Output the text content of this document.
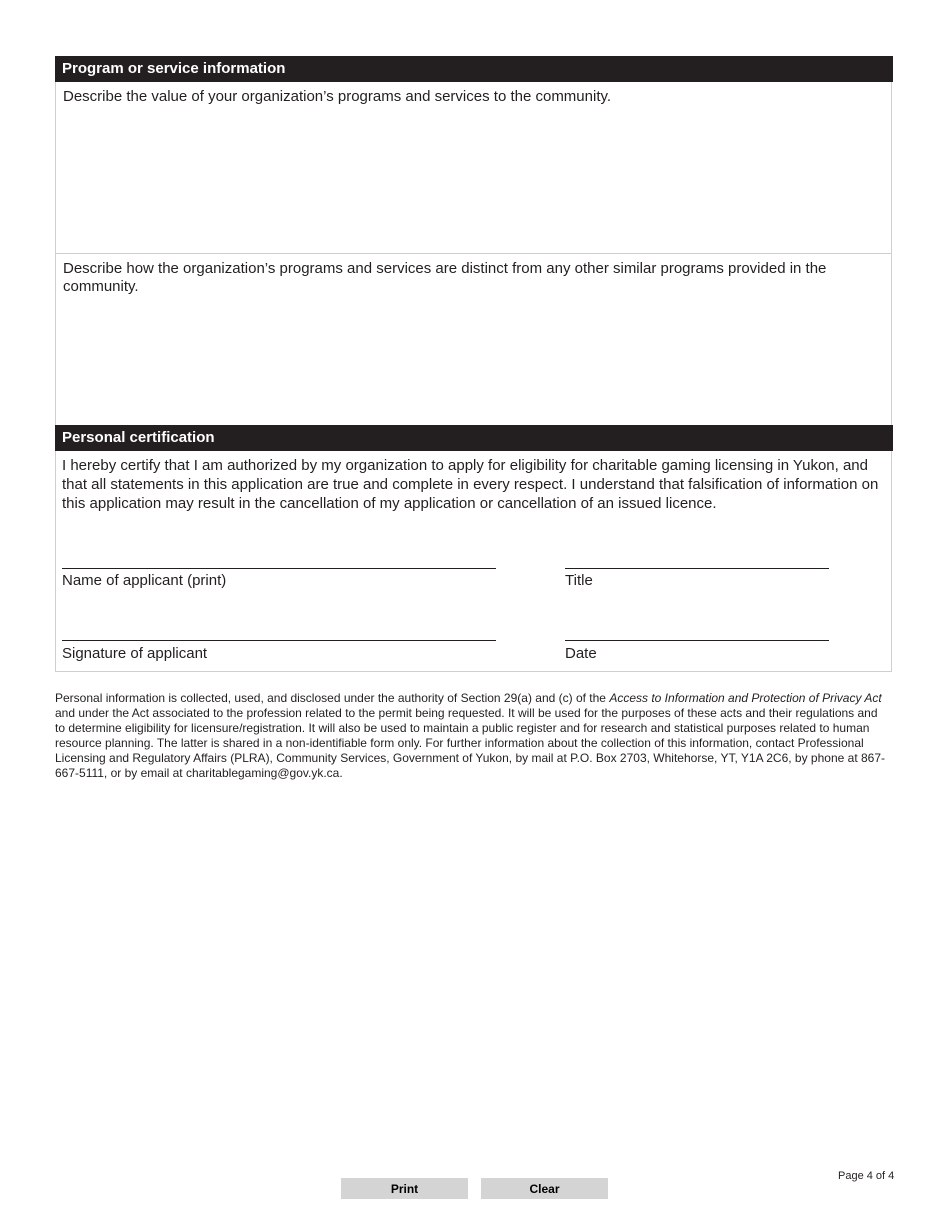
Program or service information
Describe the value of your organization’s programs and services to the community.
Describe how the organization’s programs and services are distinct from any other similar programs provided in the community.
Personal certification
I hereby certify that I am authorized by my organization to apply for eligibility for charitable gaming licensing in Yukon, and that all statements in this application are true and complete in every respect. I understand that falsification of information on this application may result in the cancellation of my application or cancellation of an issued licence.
Name of applicant (print)	Title
Signature of applicant	Date
Personal information is collected, used, and disclosed under the authority of Section 29(a) and (c) of the Access to Information and Protection of Privacy Act and under the Act associated to the profession related to the permit being requested. It will be used for the purposes of these acts and their regulations and to determine eligibility for licensure/registration. It will also be used to maintain a public register and for research and statistical purposes related to human resource planning. The latter is shared in a non-identifiable form only. For further information about the collection of this information, contact Professional Licensing and Regulatory Affairs (PLRA), Community Services, Government of Yukon, by mail at P.O. Box 2703, Whitehorse, YT, Y1A 2C6, by phone at 867-667-5111, or by email at charitablegaming@gov.yk.ca.
Page 4 of 4
Print	Clear
